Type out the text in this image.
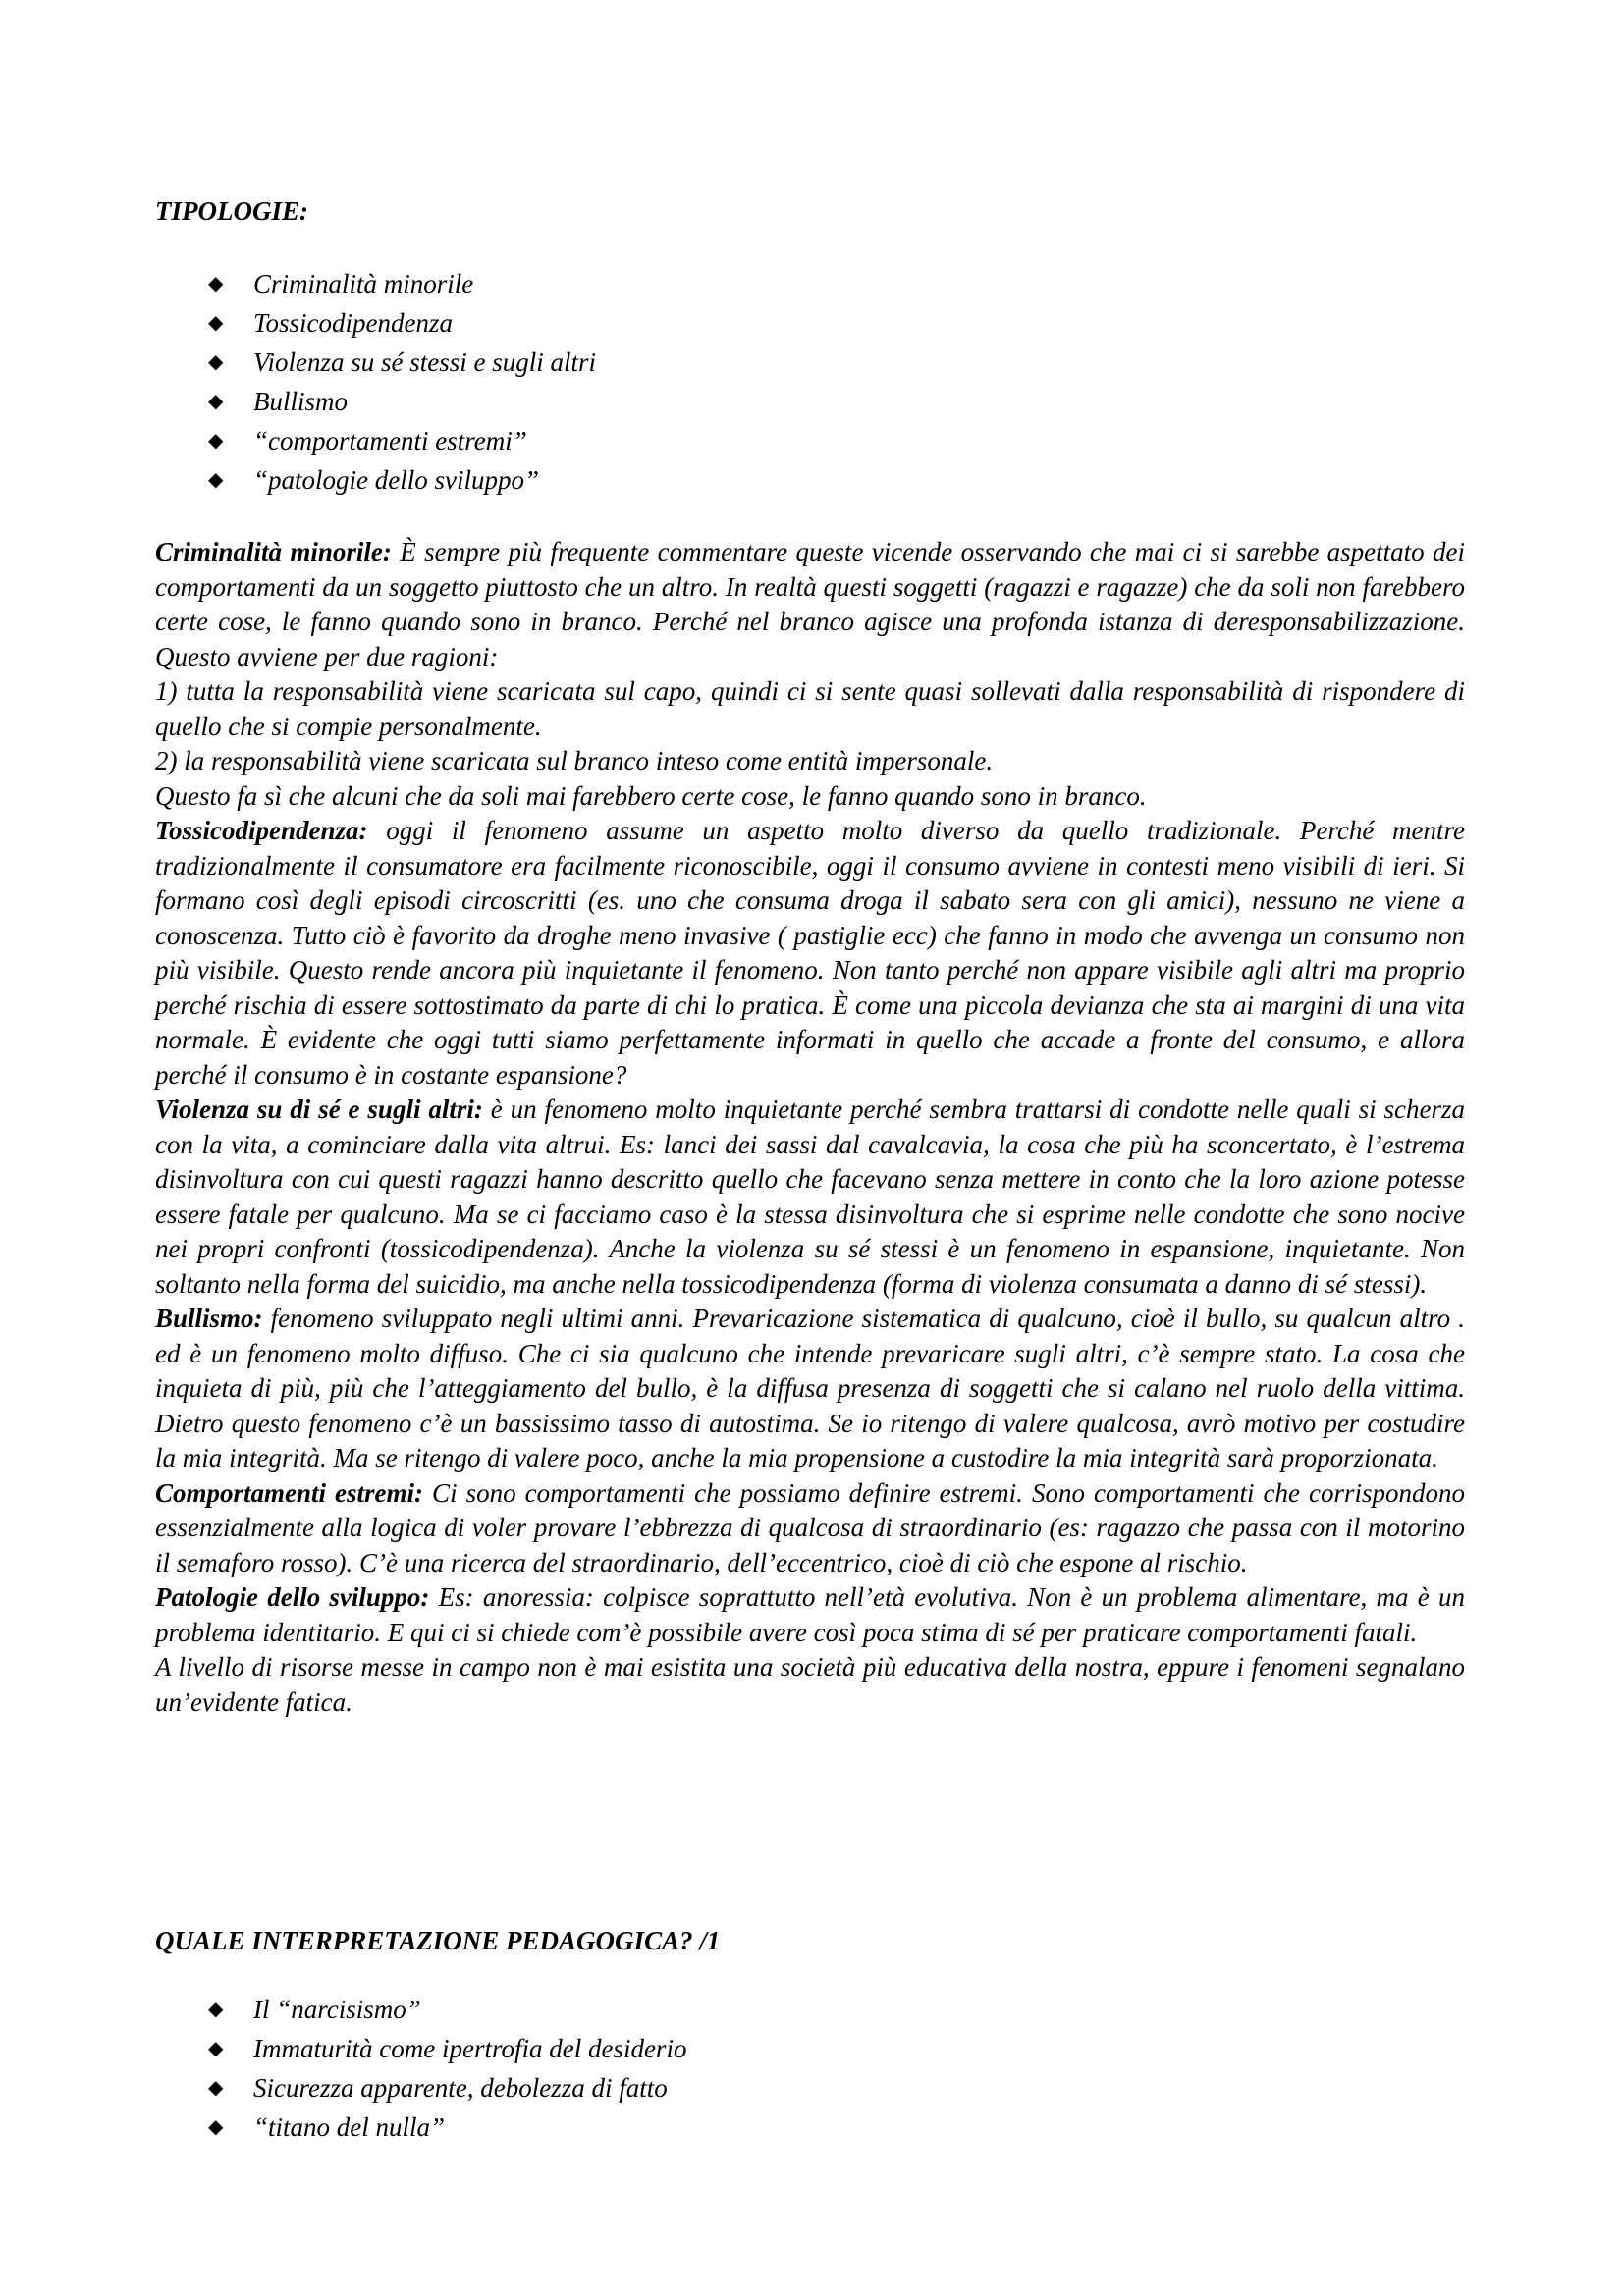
TIPOLOGIE:
◆ Criminalità minorile
◆ Tossicodipendenza
◆ Violenza su sé stessi e sugli altri
◆ Bullismo
◆ “comportamenti estremi”
◆ “patologie dello sviluppo”

Criminalità minorile: È sempre più frequente commentare queste vicende osservando che mai ci si sarebbe aspettato dei comportamenti da un soggetto piuttosto che un altro. In realtà questi soggetti (ragazzi e ragazze) che da soli non farebbero certe cose, le fanno quando sono in branco. Perché nel branco agisce una profonda istanza di deresponsabilizzazione. Questo avviene per due ragioni:

1) tutta la responsabilità viene scaricata sul capo, quindi ci si sente quasi sollevati dalla responsabilità di rispondere di quello che si compie personalmente.

2) la responsabilità viene scaricata sul branco inteso come entità impersonale.

Questo fa sì che alcuni che da soli mai farebbero certe cose, le fanno quando sono in branco.

Tossicodipendenza: oggi il fenomeno assume un aspetto molto diverso da quello tradizionale. Perché mentre tradizionalmente il consumatore era facilmente riconoscibile, oggi il consumo avviene in contesti meno visibili di ieri. Si formano così degli episodi circoscritti (es. uno che consuma droga il sabato sera con gli amici), nessuno ne viene a conoscenza. Tutto ciò è favorito da droghe meno invasive ( pastiglie ecc) che fanno in modo che avvenga un consumo non più visibile. Questo rende ancora più inquietante il fenomeno. Non tanto perché non appare visibile agli altri ma proprio perché rischia di essere sottostimato da parte di chi lo pratica. È come una piccola devianza che sta ai margini di una vita normale. È evidente che oggi tutti siamo perfettamente informati in quello che accade a fronte del consumo, e allora perché il consumo è in costante espansione?

Violenza su di sé e sugli altri: è un fenomeno molto inquietante perché sembra trattarsi di condotte nelle quali si scherza con la vita, a cominciare dalla vita altrui. Es: lanci dei sassi dal cavalcavia, la cosa che più ha sconcertato, è l’estrema disinvoltura con cui questi ragazzi hanno descritto quello che facevano senza mettere in conto che la loro azione potesse essere fatale per qualcuno. Ma se ci facciamo caso è la stessa disinvoltura che si esprime nelle condotte che sono nocive nei propri confronti (tossicodipendenza). Anche la violenza su sé stessi è un fenomeno in espansione, inquietante. Non soltanto nella forma del suicidio, ma anche nella tossicodipendenza (forma di violenza consumata a danno di sé stessi).

Bullismo: fenomeno sviluppato negli ultimi anni. Prevaricazione sistematica di qualcuno, cioè il bullo, su qualcun altro . ed è un fenomeno molto diffuso. Che ci sia qualcuno che intende prevaricare sugli altri, c’è sempre stato. La cosa che inquieta di più, più che l’atteggiamento del bullo, è la diffusa presenza di soggetti che si calano nel ruolo della vittima. Dietro questo fenomeno c’è un bassissimo tasso di autostima. Se io ritengo di valere qualcosa, avrò motivo per costudire la mia integrità. Ma se ritengo di valere poco, anche la mia propensione a custodire la mia integrità sarà proporzionata.

Comportamenti estremi: Ci sono comportamenti che possiamo definire estremi. Sono comportamenti che corrispondono essenzialmente alla logica di voler provare l’ebbrezza di qualcosa di straordinario (es: ragazzo che passa con il motorino il semaforo rosso). C’è una ricerca del straordinario, dell’eccentrico, cioè di ciò che espone al rischio.

Patologie dello sviluppo: Es: anoressia: colpisce soprattutto nell’età evolutiva. Non è un problema alimentare, ma è un problema identitario. E qui ci si chiede com’è possibile avere così poca stima di sé per praticare comportamenti fatali.

A livello di risorse messe in campo non è mai esistita una società più educativa della nostra, eppure i fenomeni segnalano un’evidente fatica.

QUALE INTERPRETAZIONE PEDAGOGICA? /1
◆ Il “narcisismo”
◆ Immaturità come ipertrofia del desiderio
◆ Sicurezza apparente, debolezza di fatto
◆ “titano del nulla”
